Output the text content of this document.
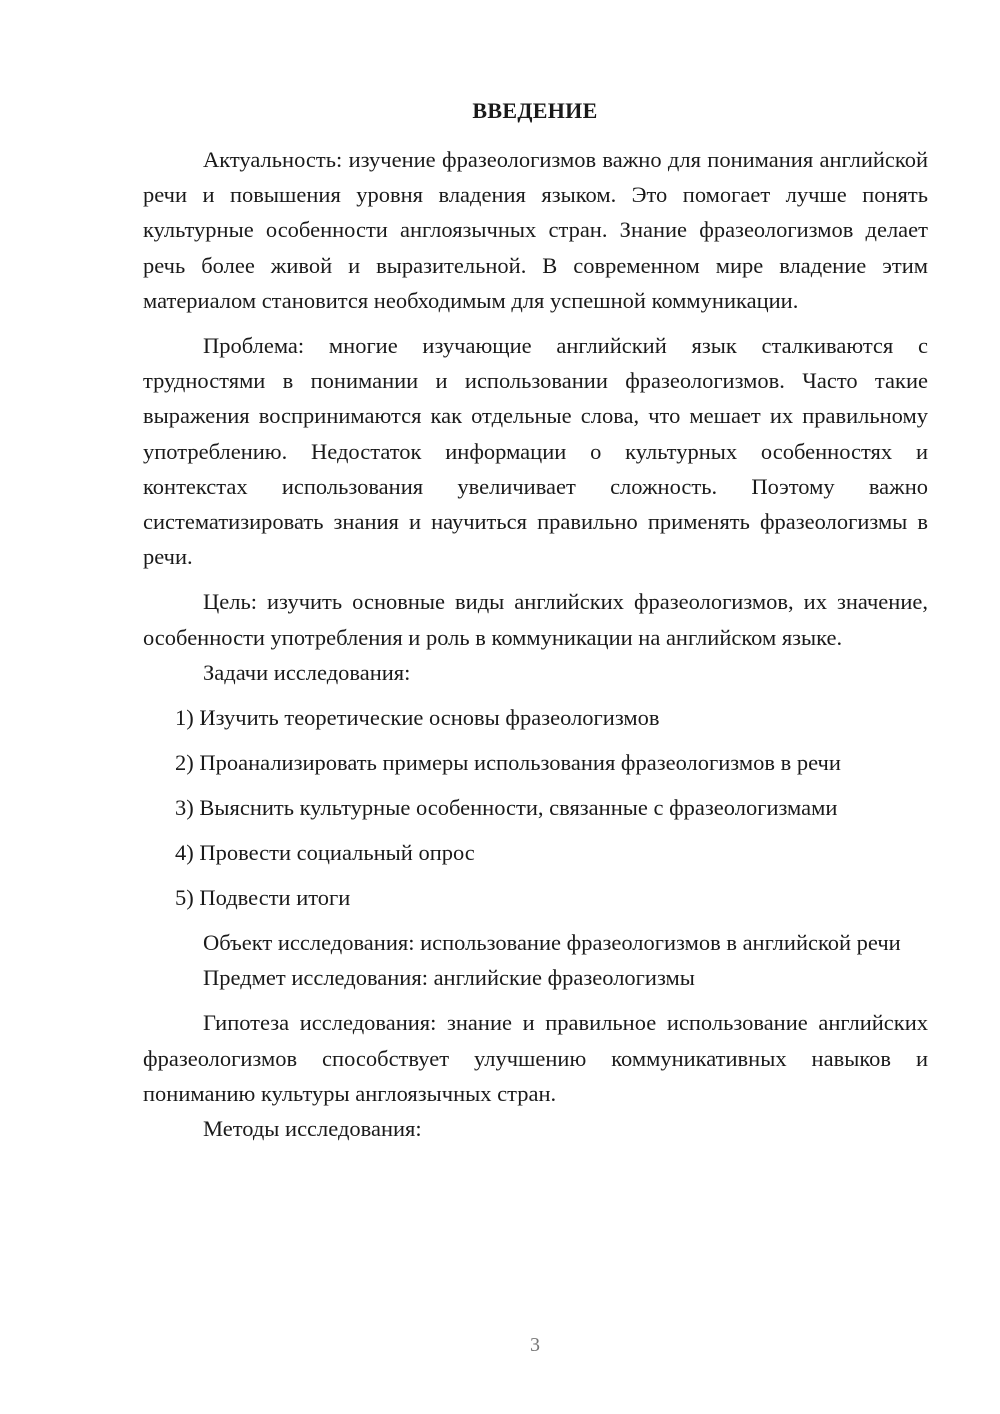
ВВЕДЕНИЕ

Актуальность: изучение фразеологизмов важно для понимания английской речи и повышения уровня владения языком. Это помогает лучше понять культурные особенности англоязычных стран. Знание фразеологизмов делает речь более живой и выразительной. В современном мире владение этим материалом становится необходимым для успешной коммуникации.

Проблема: многие изучающие английский язык сталкиваются с трудностями в понимании и использовании фразеологизмов. Часто такие выражения воспринимаются как отдельные слова, что мешает их правильному употреблению. Недостаток информации о культурных особенностях и контекстах использования увеличивает сложность. Поэтому важно систематизировать знания и научиться правильно применять фразеологизмы в речи.

Цель: изучить основные виды английских фразеологизмов, их значение, особенности употребления и роль в коммуникации на английском языке.

Задачи исследования:

1) Изучить теоретические основы фразеологизмов
2) Проанализировать примеры использования фразеологизмов в речи
3) Выяснить культурные особенности, связанные с фразеологизмами
4) Провести социальный опрос
5) Подвести итоги

Объект исследования: использование фразеологизмов в английской речи

Предмет исследования: английские фразеологизмы

Гипотеза исследования: знание и правильное использование английских фразеологизмов способствует улучшению коммуникативных навыков и пониманию культуры англоязычных стран.

Методы исследования:

3
